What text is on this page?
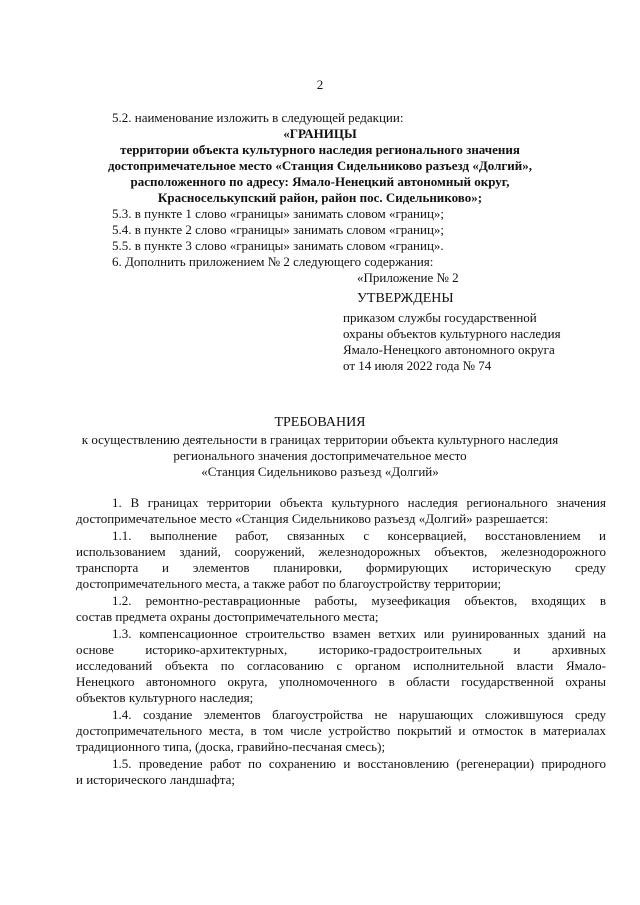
2
5.2. наименование изложить в следующей редакции:
«ГРАНИЦЫ
территории объекта культурного наследия регионального значения
достопримечательное место «Станция Сидельниково разъезд «Долгий»,
расположенного по адресу: Ямало-Ненецкий автономный округ,
Красноселькупский район, район пос. Сидельниково»;
5.3. в пункте 1 слово «границы» занимать словом «границ»;
5.4. в пункте 2 слово «границы» занимать словом «границ»;
5.5. в пункте 3 слово «границы» занимать словом «границ».
6. Дополнить приложением № 2 следующего содержания:
«Приложение № 2
УТВЕРЖДЕНЫ
приказом службы государственной
охраны объектов культурного наследия
Ямало-Ненецкого автономного округа
от 14 июля 2022 года № 74
ТРЕБОВАНИЯ
к осуществлению деятельности в границах территории объекта культурного наследия
регионального значения достопримечательное место
«Станция Сидельниково разъезд «Долгий»
1. В границах территории объекта культурного наследия регионального значения
достопримечательное место «Станция Сидельниково разъезд «Долгий» разрешается:
1.1. выполнение работ, связанных с консервацией, восстановлением и
использованием зданий, сооружений, железнодорожных объектов, железнодорожного
транспорта и элементов планировки, формирующих историческую среду
достопримечательного места, а также работ по благоустройству территории;
1.2. ремонтно-реставрационные работы, музеефикация объектов, входящих в
состав предмета охраны достопримечательного места;
1.3. компенсационное строительство взамен ветхих или руинированных зданий на
основе историко-архитектурных, историко-градостроительных и архивных
исследований объекта по согласованию с органом исполнительной власти Ямало-
Ненецкого автономного округа, уполномоченного в области государственной охраны
объектов культурного наследия;
1.4. создание элементов благоустройства не нарушающих сложившуюся среду
достопримечательного места, в том числе устройство покрытий и отмосток в материалах
традиционного типа, (доска, гравийно-песчаная смесь);
1.5. проведение работ по сохранению и восстановлению (регенерации) природного
и исторического ландшафта;
